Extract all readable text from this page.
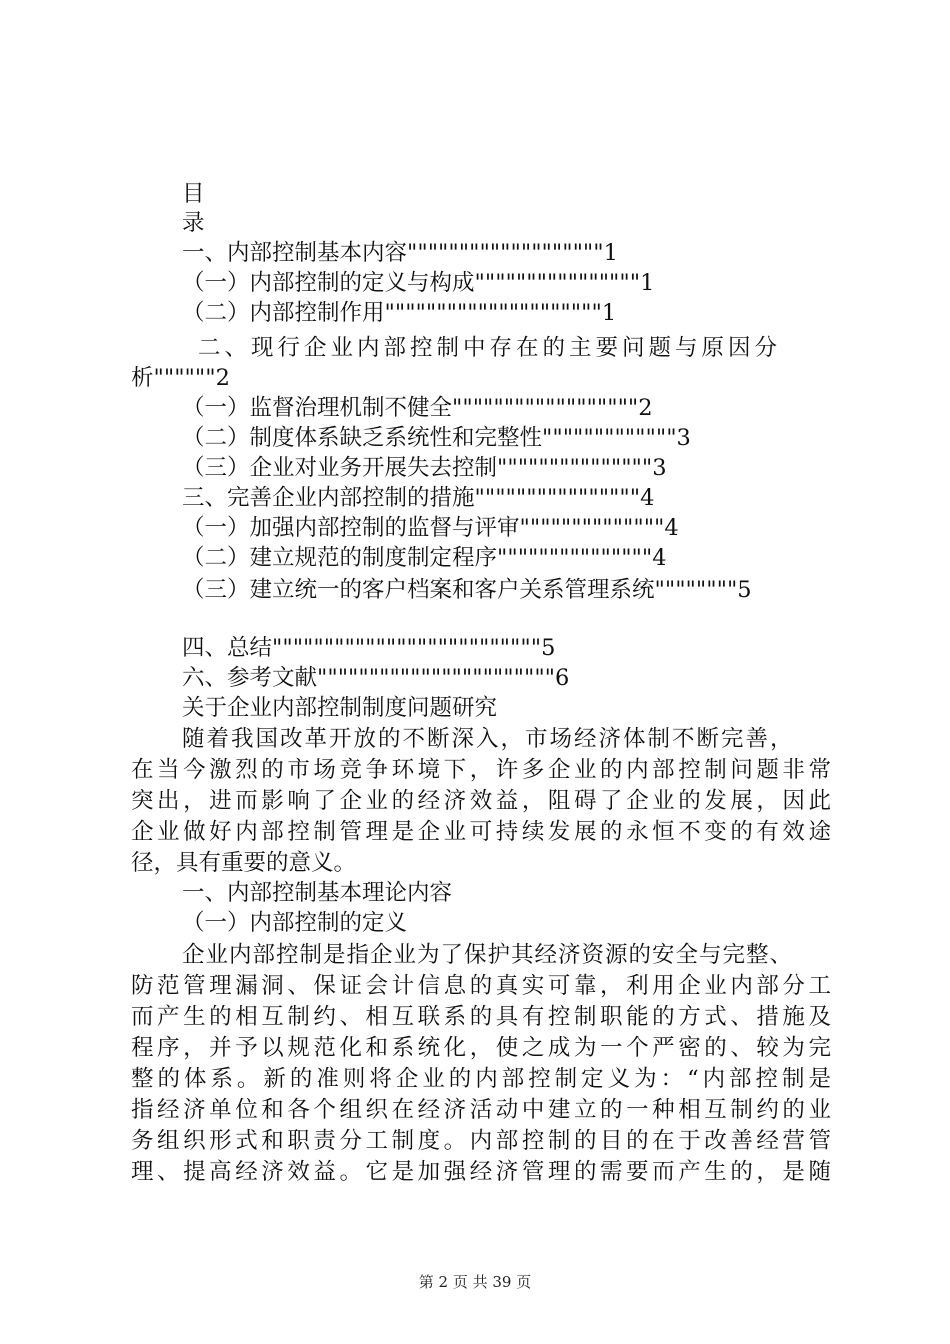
目
录
一、内部控制基本内容"""""""""""""""""""1
（一）内部控制的定义与构成""""""""""""""""1
（二）内部控制作用"""""""""""""""""""""1
二、现行企业内部控制中存在的主要问题与原因分
析""""""2
（一）监督治理机制不健全""""""""""""""""""2
（二）制度体系缺乏系统性和完整性"""""""""""""3
（三）企业对业务开展失去控制"""""""""""""""3
三、完善企业内部控制的措施""""""""""""""""4
（一）加强内部控制的监督与评审""""""""""""""4
（二）建立规范的制度制定程序"""""""""""""""4
（三）建立统一的客户档案和客户关系管理系统""""""""5
四、总结""""""""""""""""""""""""""5
六、参考文献"""""""""""""""""""""""6
关于企业内部控制制度问题研究
随着我国改革开放的不断深入，市场经济体制不断完善，
在当今激烈的市场竞争环境下，许多企业的内部控制问题非常
突出，进而影响了企业的经济效益，阻碍了企业的发展，因此
企业做好内部控制管理是企业可持续发展的永恒不变的有效途
径，具有重要的意义。
一、内部控制基本理论内容
（一）内部控制的定义
企业内部控制是指企业为了保护其经济资源的安全与完整、
防范管理漏洞、保证会计信息的真实可靠，利用企业内部分工
而产生的相互制约、相互联系的具有控制职能的方式、措施及
程序，并予以规范化和系统化，使之成为一个严密的、较为完
整的体系。新的准则将企业的内部控制定义为：“内部控制是
指经济单位和各个组织在经济活动中建立的一种相互制约的业
务组织形式和职责分工制度。内部控制的目的在于改善经营管
理、提高经济效益。它是加强经济管理的需要而产生的，是随
第 2 页 共 39 页
